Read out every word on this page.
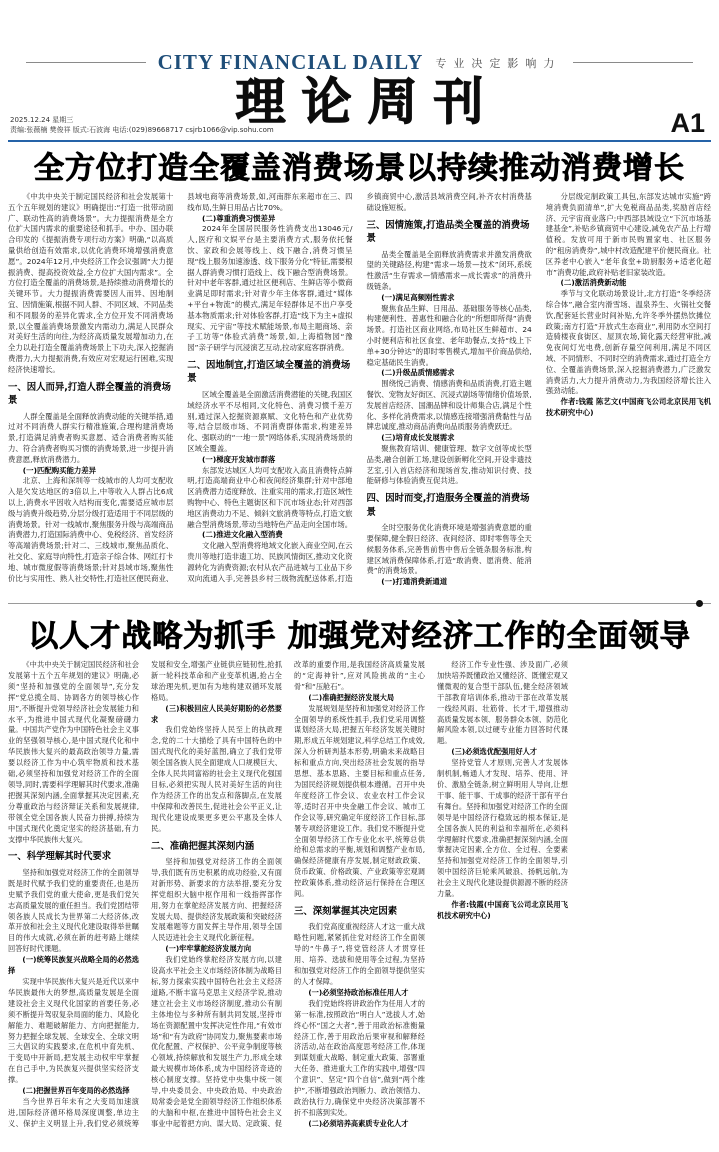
CITY FINANCIAL DAILY 专业决定影响力
理论周刊
2025.12.24 星期三
责编:张薇楠 樊俊祥 版式:石波海 电话:(029)89668717 csjrb1066@vip.sohu.com	A1
全方位打造全覆盖消费场景以持续推动消费增长

《中共中央关于制定国民经济和社会发展第十五个五年规划的建议》明确提出:“打造一批带动面广、联动性高的消费场景”。大力提振消费是全方位扩大国内需求的重要途径和抓手。中办、国办联合印发的《提振消费专项行动方案》明确,“以高质量供给创造有效需求,以优化消费环境增强消费意愿”。2024年12月,中央经济工作会议强调“大力提振消费、提高投资效益,全方位扩大国内需求”。全方位打造全覆盖的消费场景,是持续推动消费增长的关键环节。大力提振消费需要因人而异、因地制宜、因情施策,根据不同人群、不同区域、不同品类和不同服务的差异化需求,全方位开发不同消费场景,以全覆盖消费场景激发内需动力,满足人民群众对美好生活的向往,为经济高质量发展增加动力,在全力以赴打造全覆盖消费场景上下功夫,深入挖掘消费潜力,大力提振消费,有效应对宏观运行困难,实现经济快速增长。

一、因人而异,打造人群全覆盖的消费场景

人群全覆盖是全面释放消费动能的关键举措,通过对不同消费人群实行精准施策,合理构建消费场景,打造满足消费者购买意愿、适合消费者购买能力、符合消费者购买习惯的消费场景,进一步提升消费意愿,释放消费潜力。

(一)匹配购买能力差异

北京、上海和深圳等一线城市的人均可支配收入是欠发达地区的3倍以上,中等收入人群占比6成以上,消费水平因收入结构而变化,需要适应城市层级与消费升级趋势,分层分级打造适用于不同层级的消费场景。针对一线城市,聚焦服务升级与高端商品消费潜力,打造国际消费中心、免税经济、首发经济等高端消费场景;针对二、三线城市,聚焦品质化、社交化、家庭导向特性,打造亲子综合体、网红打卡地、城市微度假等消费场景;针对县域市场,聚焦性价比与实用性、熟人社交特性,打造社区便民商业、县域电商等消费场景,如,河南胖东来超市在三、四线布局,生鲜日用品占比70%。

(二)尊重消费习惯差异

2024年全国居民服务性消费支出13046元/人,医疗和文娱平台是主要消费方式,服务依托餐饮、家政和会展等线上、线下融合,消费习惯呈现“线上服务加速渗透、线下服务分化”特征,需要根据人群消费习惯打造线上、线下融合型消费场景。针对中老年客群,通过社区便利店、生鲜店等小微商业满足即时需求;针对青少年主体客群,通过“媒体+平台+物流”的模式,满足年轻群体足不出户享受基本物质需求;针对体验客群,打造“线下为主+虚拟现实、元宇宙”等技术赋能场景,布局主题商场、亲子工坊等“体验式消费”场景,如,上海植物园“豫园”亲子研学与沉浸演艺互动,拉动家庭客群消费。

二、因地制宜,打造区域全覆盖的消费场景

区域全覆盖是全面激活消费潜能的关键,我国区域经济水平不尽相同,文化特色、消费习惯千差万别,通过深入挖掘资源禀赋、文化特色和产业优势等,结合层级市场、不同消费群体需求,构建差异化、强联动的“一地一景”网络体系,实现消费场景的区域全覆盖。

(一)梯度开发城市群落

东部发达城区人均可支配收入高且消费特点鲜明,打造高端商业中心和夜间经济集群;针对中部地区消费潜力适度释放、注重实用的需求,打造区域性购物中心、特色主题街区和下沉市场业态;针对西部地区消费动力不足、倾斜文旅消费等特点,打造文旅融合型消费场景,带动当地特色产品走向全国市场。

(二)推进文化融入型消费

文化融入型消费将地域文化嵌入商业空间,在云贵川等地打造非遗工坊、民族风情街区,推动文化资源转化为消费资源;农村从农产品进城与工业品下乡双向流通入手,完善县乡村三级物流配送体系,打造乡镇商贸中心,激活县域消费空间,补齐农村消费基础设施短板。

三、因情施策,打造品类全覆盖的消费场景

品类全覆盖是全面释放消费需求并激发消费欲望的关键路径,构建“需求—场景—技术”闭环,系统性激活“生存需求—情感需求—成长需求”的消费升级链条。

(一)满足高频刚性需求

聚焦食品生鲜、日用品、基础服务等核心品类,构建便利性、普惠性和融合化的“所想即所得”消费场景。打造社区商业网络,布局社区生鲜超市、24小时便利店和社区食堂、老年助餐点,支持“线上下单+30分钟达”的即时零售模式,增加平价商品供给,稳定基础民生消费。

(二)升级品质情感需求

围绕悦己消费、情感消费和品质消费,打造主题餐饮、宠物友好街区、沉浸式剧场等情绪价值场景,发展首店经济、国潮品牌和设计师集合店,满足个性化、多样化消费需求,以情感连接增强消费黏性与品牌忠诚度,推动商品消费向品质服务消费跃迁。

(三)培育成长发展需求

聚焦教育培训、健康管理、数字文创等成长型品类,融合创新工场,建设创新孵化空间,开设非遗技艺室,引入首店经济和现场首发,推动知识付费、技能研修与体验消费互促共进。

四、因时而变,打造服务全覆盖的消费场景

全时空服务优化消费环境是增强消费意愿的重要保障,健全假日经济、夜间经济、即时零售等全天候服务体系,完善售前售中售后全链条服务标准,构建区域消费保障体系,打造“敢消费、愿消费、能消费”的消费场景。

(一)打通消费新通道

分层级定制政策工具包,东部发达城市实施“跨境消费负面清单”,扩大免税商品品类,奖励首店经济、元宇宙商业落户;中西部县域设立“下沉市场基建基金”,补贴乡镇商贸中心建设,减免农产品上行增值税。发放可用于新市民购置家电、社区服务的“租房消费券”,城中村改造配建平价便民商业。社区养老中心嵌入“老年食堂+助厨服务+适老化超市”消费功能,政府补贴老旧家装改造。

(二)激活消费新动能

季节与文化联动场景设计,北方打造“冬季经济综合体”,融合室内滑雪场、温泉养生、火锅社交餐饮,配套延长营业时间补贴,允许冬季外摆热饮摊位政策;南方打造“开放式生态商业”,利用防水空间打造骑楼夜食街区、屋顶农场,简化露天经营审批,减免夜间灯光电费,创新存量空间利用,满足不同区域、不同情形、不同时空的消费需求,通过打造全方位、全覆盖消费场景,深入挖掘消费潜力,广泛激发消费活力,大力提升消费动力,为我国经济增长注入强劲动能。

作者:钱霞 陈艺文(中国商飞公司北京民用飞机技术研究中心)

以人才战略为抓手 加强党对经济工作的全面领导

《中共中央关于制定国民经济和社会发展第十五个五年规划的建议》明确,必须“坚持和加强党的全面领导”,充分发挥“党总揽全局、协调各方的领导核心作用”,不断提升党领导经济社会发展能力和水平,为推进中国式现代化凝聚磅礴力量。中国共产党作为中国特色社会主义事业的坚强领导核心,是中国式现代化和中华民族伟大复兴的最高政治领导力量,需要以经济工作为中心筑牢物质和技术基础,必须坚持和加强党对经济工作的全面领导,同时,需要科学理解其时代要求,准确把握其深刻内涵,全面掌握其决定因素,充分尊重政治与经济辩证关系和发展规律,带领全党全国各族人民奋力拼搏,持续为中国式现代化奠定坚实的经济基础,有力支撑中华民族伟大复兴。

一、科学理解其时代要求

坚持和加强党对经济工作的全面领导既是时代赋予我们党的重要责任,也是历史赋予我们党的重大使命,更是我们党矢志高质量发展的重任担当。我们党团结带领各族人民成长为世界第二大经济体,改革开放和社会主义现代化建设取得举世瞩目的伟大成就,必须在新的赶考路上继续回答好时代课题。

(一)统筹民族复兴战略全局的必然选择

实现中华民族伟大复兴是近代以来中华民族最伟大的梦想,高质量发展是全面建设社会主义现代化国家的首要任务,必须不断提升驾驭复杂局面的能力、风险化解能力、难题破解能力、方向把握能力,努力把握全球发展、全球安全、全球文明三大倡议的实践要求,在危机中育先机、于变局中开新局,把发展主动权牢牢掌握在自己手中,为民族复兴提供坚实经济支撑。

(二)把握世界百年变局的必然选择

当今世界百年未有之大变局加速演进,国际经济循环格局深度调整,单边主义、保护主义明显上升,我们党必须统筹发展和安全,增强产业链供应链韧性,抢抓新一轮科技革命和产业变革机遇,抢占全球治理先机,更加有为地构建双循环发展格局。

(三)积极回应人民美好期盼的必然要求

我们党始终坚持人民至上的执政理念,党的二十大描绘了具有中国特色的中国式现代化的美好蓝图,确立了我们党带领全国各族人民全面建成人口规模巨大、全体人民共同富裕的社会主义现代化强国目标,必须把实现人民对美好生活的向往作为经济工作的出发点和落脚点,在发展中保障和改善民生,促进社会公平正义,让现代化建设成果更多更公平惠及全体人民。

二、准确把握其深刻内涵

坚持和加强党对经济工作的全面领导,我们既有历史积累的成功经验,又有面对新形势、新要求的方法举措,要充分发挥党组织大脑中枢作用和一线指挥部作用,努力在掌舵经济发展方向、把握经济发展大局、提供经济发展政策和突破经济发展难题等方面发挥主导作用,领导全国人民迈进社会主义现代化新征程。

(一)牢牢掌舵经济发展方向

我们党始终掌舵经济发展方向,以建设高水平社会主义市场经济体制为战略目标,努力探索实践中国特色社会主义经济道路,不断丰富马克思主义经济学说,推动建立社会主义市场经济制度,推动公有制主体地位与多种所有制共同发展,坚持市场在资源配置中发挥决定性作用,“有效市场”和“有为政府”协同发力,聚焦要素市场优化配置、产权保护、公平竞争制度等核心领域,持续解放和发展生产力,形成全球最大规模市场体系,成为中国经济奇迹的核心制度支撑。坚持党中央集中统一领导,中央委员会、中央政治局、中央政治局常委会是党全面领导经济工作组织体系的大脑和中枢,在推进中国特色社会主义事业中起着把方向、谋大局、定政策、促改革的重要作用,是我国经济高质量发展的“定海神针”,应对风险挑战的“主心骨”和“压舱石”。

(二)准确把握经济发展大局

发展规划是坚持和加强党对经济工作全面领导的系统性抓手,我们党采用调整谋划经济大局,把握五年经济发展关键时期,形成五年规划建议,科学总结工作成效,深入分析研判基本形势,明确未来战略目标和重点方向,突出经济社会发展的指导思想、基本思路、主要目标和重点任务,为国民经济规划提供根本遵循。召开中央年度经济工作会议、农业农村工作会议等,适时召开中央金融工作会议、城市工作会议等,研究确定年度经济工作目标,部署专项经济建设工作。我们党不断提升党全面领导经济工作专业化水平,统筹总供给和总需求的平衡,规划和调整产业布局,确保经济健康有序发展,制定财政政策、货币政策、价格政策、产业政策等宏观调控政策体系,推动经济运行保持在合理区间。

三、深刻掌握其决定因素

我们党高度重视经济人才这一重大战略性问题,紧紧抓住党对经济工作全面领导的“牛鼻子”,将党管经济人才贯穿任用、培养、选拔和使用等全过程,为坚持和加强党对经济工作的全面领导提供坚实的人才保障。

(一)必须坚持政治标准任用人才

我们党始终将讲政治作为任用人才的第一标准,按照政治“明白人”选拔人才,始终心怀“国之大者”,善于用政治标准衡量经济工作,善于用政治后果审视和解释经济活动,站在政治高度思考经济工作,体现到谋划重大战略、制定重大政策、部署重大任务、推进重大工作的实践中,增强“四个意识”、坚定“四个自信”,做到“两个维护”,不断增强政治判断力、政治领悟力、政治执行力,确保党中央经济决策部署不折不扣落到实处。

(二)必须培养高素质专业化人才

经济工作专业性强、涉及面广,必须加快培养既懂政治又懂经济、既懂宏观又懂微观的复合型干部队伍,健全经济领域干部教育培训体系,推动干部在改革发展一线经风雨、壮筋骨、长才干,增强推动高质量发展本领、服务群众本领、防范化解风险本领,以过硬专业能力回答时代课题。

(三)必须选优配强用好人才

坚持党管人才原则,完善人才发展体制机制,畅通人才发现、培养、使用、评价、激励全链条,树立鲜明用人导向,让想干事、能干事、干成事的经济干部有平台有舞台。坚持和加强党对经济工作的全面领导是中国经济行稳致远的根本保证,是全国各族人民的利益和幸福所在,必须科学理解时代要求,准确把握深刻内涵,全面掌握决定因素,全方位、全过程、全要素坚持和加强党对经济工作的全面领导,引领中国经济巨轮乘风破浪、扬帆远航,为社会主义现代化建设提供源源不断的经济力量。

作者:钱霞(中国商飞公司北京民用飞机技术研究中心)
